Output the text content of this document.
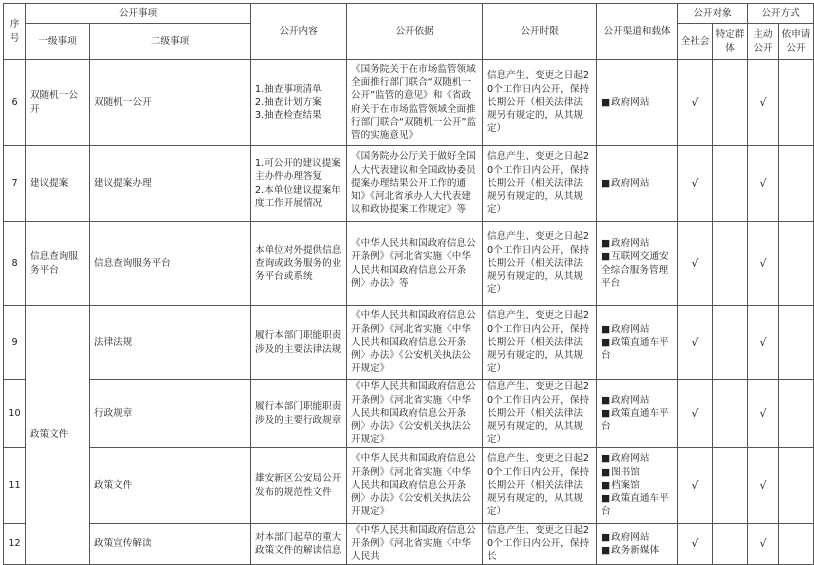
序号	公开事项		公开内容	公开依据	公开时限	公开渠道和载体	公开对象		公开方式	
	一级事项	二级事项					全社会	特定群体	主动公开	依申请公开
6	双随机一公开	双随机一公开	1.抽查事项清单
2.抽查计划方案
3.抽查检查结果	《国务院关于在市场监管领域全面推行部门联合“双随机一公开”监管的意见》和《省政府关于在市场监管领域全面推行部门联合“双随机一公开”监管的实施意见》	信息产生、变更之日起20个工作日内公开，保持长期公开（相关法律法规另有规定的，从其规定）	■ 政府网站	√		√	
7	建议提案	建议提案办理	1.可公开的建议提案主办件办理答复
2.本单位建议提案年度工作开展情况	《国务院办公厅关于做好全国人大代表建议和全国政协委员提案办理结果公开工作的通知》《河北省承办人大代表建议和政协提案工作规定》等	信息产生、变更之日起20个工作日内公开，保持长期公开（相关法律法规另有规定的，从其规定）	■ 政府网站	√		√	
8	信息查询服务平台	信息查询服务平台	本单位对外提供信息查询或政务服务的业务平台或系统	《中华人民共和国政府信息公开条例》《河北省实施〈中华人民共和国政府信息公开条例〉办法》等	信息产生、变更之日起20个工作日内公开，保持长期公开（相关法律法规另有规定的，从其规定）	■ 政府网站
■ 互联网交通安全综合服务管理平台	√		√	
9	政策文件	法律法规	履行本部门职能职责涉及的主要法律法规	《中华人民共和国政府信息公开条例》《河北省实施〈中华人民共和国政府信息公开条例〉办法》《公安机关执法公开规定》	信息产生、变更之日起20个工作日内公开，保持长期公开（相关法律法规另有规定的，从其规定）	■ 政府网站
■ 政策直通车平台	√		√	
10		行政规章	履行本部门职能职责涉及的主要行政规章	《中华人民共和国政府信息公开条例》《河北省实施〈中华人民共和国政府信息公开条例〉办法》《公安机关执法公开规定》	信息产生、变更之日起20个工作日内公开，保持长期公开（相关法律法规另有规定的，从其规定）	■ 政府网站
■ 政策直通车平台	√		√	
11		政策文件	雄安新区公安局公开发布的规范性文件	《中华人民共和国政府信息公开条例》《河北省实施〈中华人民共和国政府信息公开条例〉办法》《公安机关执法公开规定》	信息产生、变更之日起20个工作日内公开，保持长期公开（相关法律法规另有规定的，从其规定）	■ 政府网站
■ 图书馆
■ 档案馆
■ 政策直通车平台	√		√	
12		政策宣传解读	对本部门起草的重大政策文件的解读信息	《中华人民共和国政府信息公开条例》《河北省实施〈中华人民共	信息产生、变更之日起20个工作日内公开，保持长	■ 政府网站
■ 政务新媒体	√		√	
